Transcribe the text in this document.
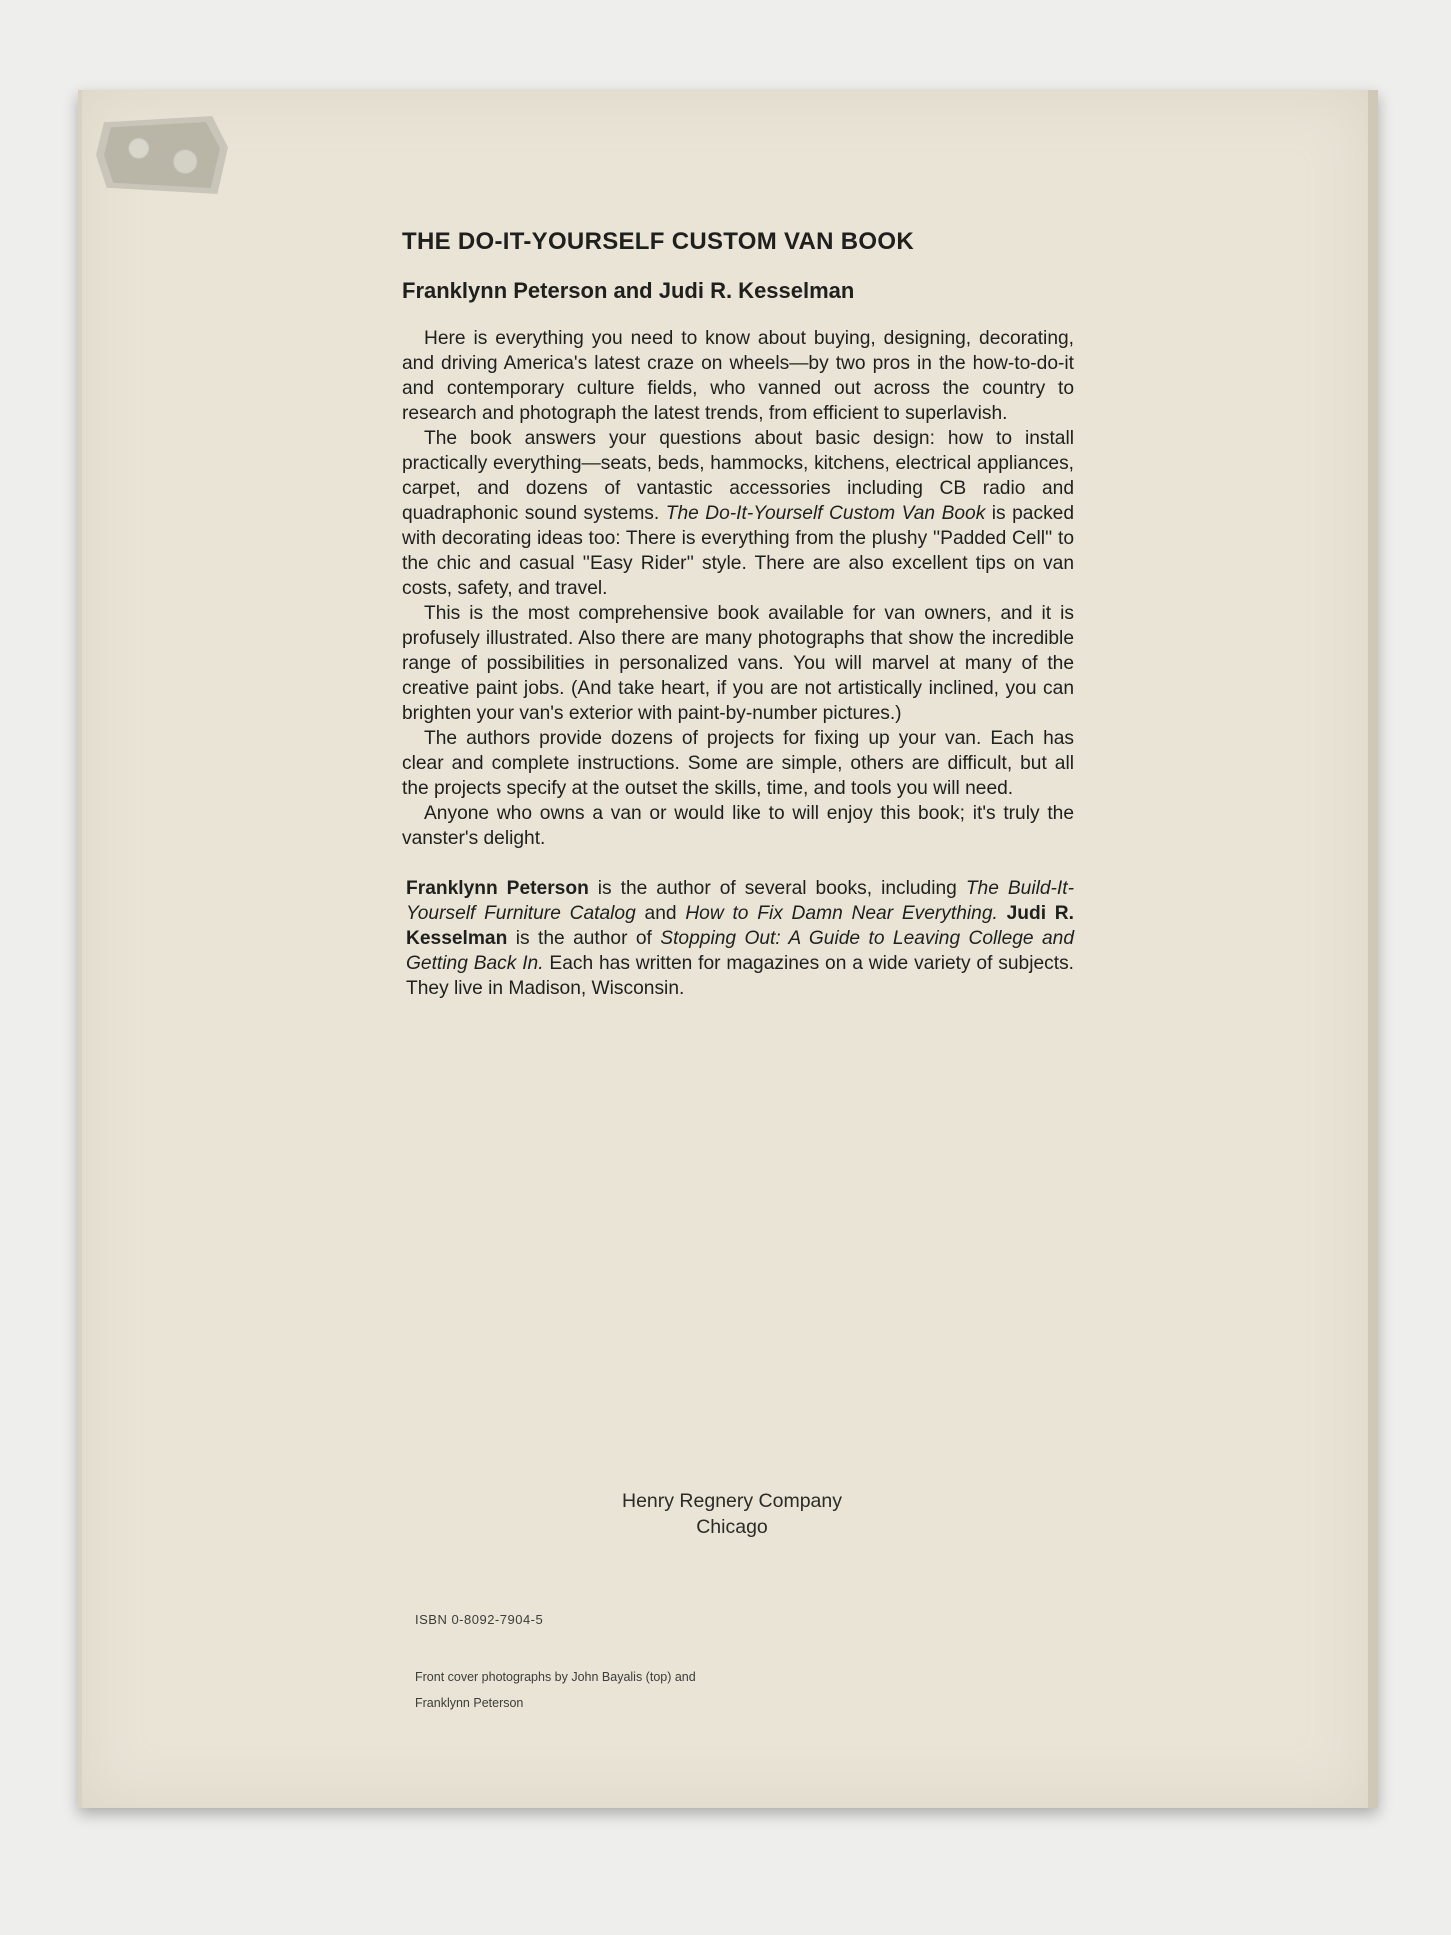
THE DO-IT-YOURSELF CUSTOM VAN BOOK
Franklynn Peterson and Judi R. Kesselman

Here is everything you need to know about buying, designing, decorating, and driving America's latest craze on wheels—by two pros in the how-to-do-it and contemporary culture fields, who vanned out across the country to research and photograph the latest trends, from efficient to superlavish.

The book answers your questions about basic design: how to install practically everything—seats, beds, hammocks, kitchens, electrical appliances, carpet, and dozens of vantastic accessories including CB radio and quadraphonic sound systems. The Do-It-Yourself Custom Van Book is packed with decorating ideas too: There is everything from the plushy ''Padded Cell'' to the chic and casual ''Easy Rider'' style. There are also excellent tips on van costs, safety, and travel.

This is the most comprehensive book available for van owners, and it is profusely illustrated. Also there are many photographs that show the incredible range of possibilities in personalized vans. You will marvel at many of the creative paint jobs. (And take heart, if you are not artistically inclined, you can brighten your van's exterior with paint-by-number pictures.)

The authors provide dozens of projects for fixing up your van. Each has clear and complete instructions. Some are simple, others are difficult, but all the projects specify at the outset the skills, time, and tools you will need.

Anyone who owns a van or would like to will enjoy this book; it's truly the vanster's delight.

Franklynn Peterson is the author of several books, including The Build-It-Yourself Furniture Catalog and How to Fix Damn Near Everything. Judi R. Kesselman is the author of Stopping Out: A Guide to Leaving College and Getting Back In. Each has written for magazines on a wide variety of subjects. They live in Madison, Wisconsin.

Henry Regnery Company
Chicago
ISBN 0-8092-7904-5
Front cover photographs by John Bayalis (top) and
Franklynn Peterson
